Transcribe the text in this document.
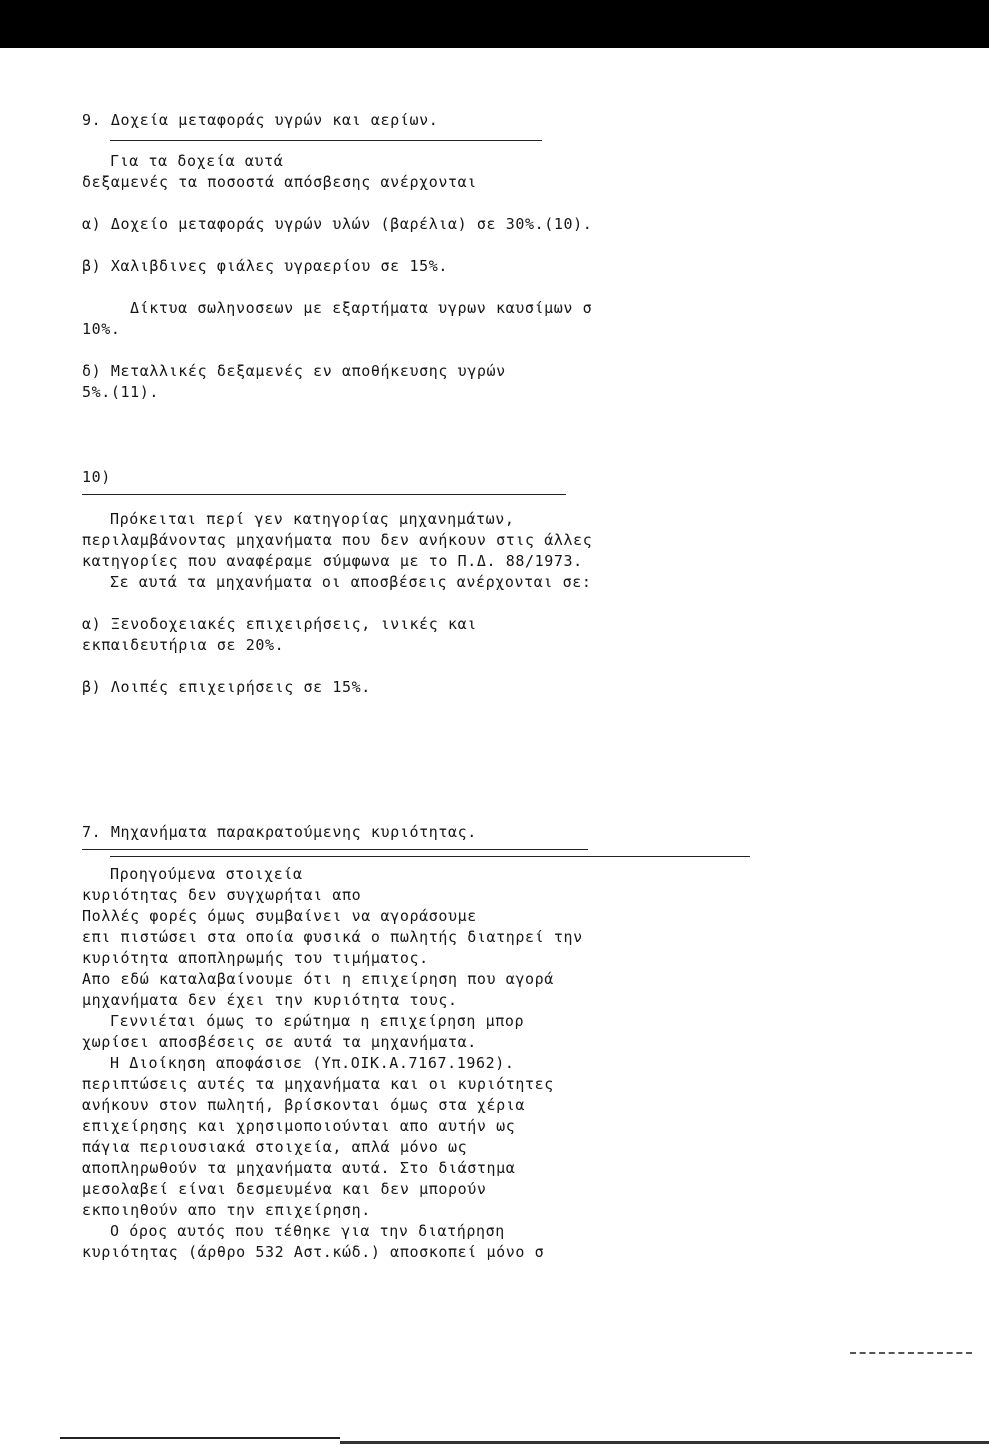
9. Δοχεία μεταφοράς υγρών και αερίων.
Για τα δοχεία αυτά
δεξαμενές τα ποσοστά απόσβεσης ανέρχονται
α) Δοχείο μεταφοράς υγρών υλών (βαρέλια) σε 30%.(10).
β) Χαλιβδινες φιάλες υγραερίου σε 15%.
Δίκτυα σωληνοσεων με εξαρτήματα υγρων καυσίμων σ
10%.
δ) Μεταλλικές δεξαμενές εν αποθήκευσης υγρών
5%.(11).
10)
Πρόκειται περί γεν κατηγορίας μηχανημάτων,
περιλαμβάνοντας μηχανήματα που δεν ανήκουν στις άλλες
κατηγορίες που αναφέραμε σύμφωνα με το Π.Δ. 88/1973.
Σε αυτά τα μηχανήματα οι αποσβέσεις ανέρχονται σε:
α) Ξενοδοχειακές επιχειρήσεις, ινικές και
εκπαιδευτήρια σε 20%.
β) Λοιπές επιχειρήσεις σε 15%.
7. Μηχανήματα παρακρατούμενης κυριότητας.
Προηγούμενα στοιχεία
κυριότητας δεν συγχωρήται απο
Πολλές φορές όμως συμβαίνει να αγοράσουμε
επι πιστώσει στα οποία φυσικά ο πωλητής διατηρεί την
κυριότητα αποπληρωμής του τιμήματος.
Απο εδώ καταλαβαίνουμε ότι η επιχείρηση που αγορά
μηχανήματα δεν έχει την κυριότητα τους.
Γεννιέται όμως το ερώτημα η επιχείρηση μπορ
χωρίσει αποσβέσεις σε αυτά τα μηχανήματα.
Η Διοίκηση αποφάσισε (Υπ.ΟΙΚ.Α.7167.1962).
περιπτώσεις αυτές τα μηχανήματα και οι κυριότητες
ανήκουν στον πωλητή, βρίσκονται όμως στα χέρια
επιχείρησης και χρησιμοποιούνται απο αυτήν ως
πάγια περιουσιακά στοιχεία, απλά μόνο ως
αποπληρωθούν τα μηχανήματα αυτά. Στο διάστημα
μεσολαβεί είναι δεσμευμένα και δεν μπορούν
εκποιηθούν απο την επιχείρηση.
Ο όρος αυτός που τέθηκε για την διατήρηση
κυριότητας (άρθρο 532 Αστ.κώδ.) αποσκοπεί μόνο σ
